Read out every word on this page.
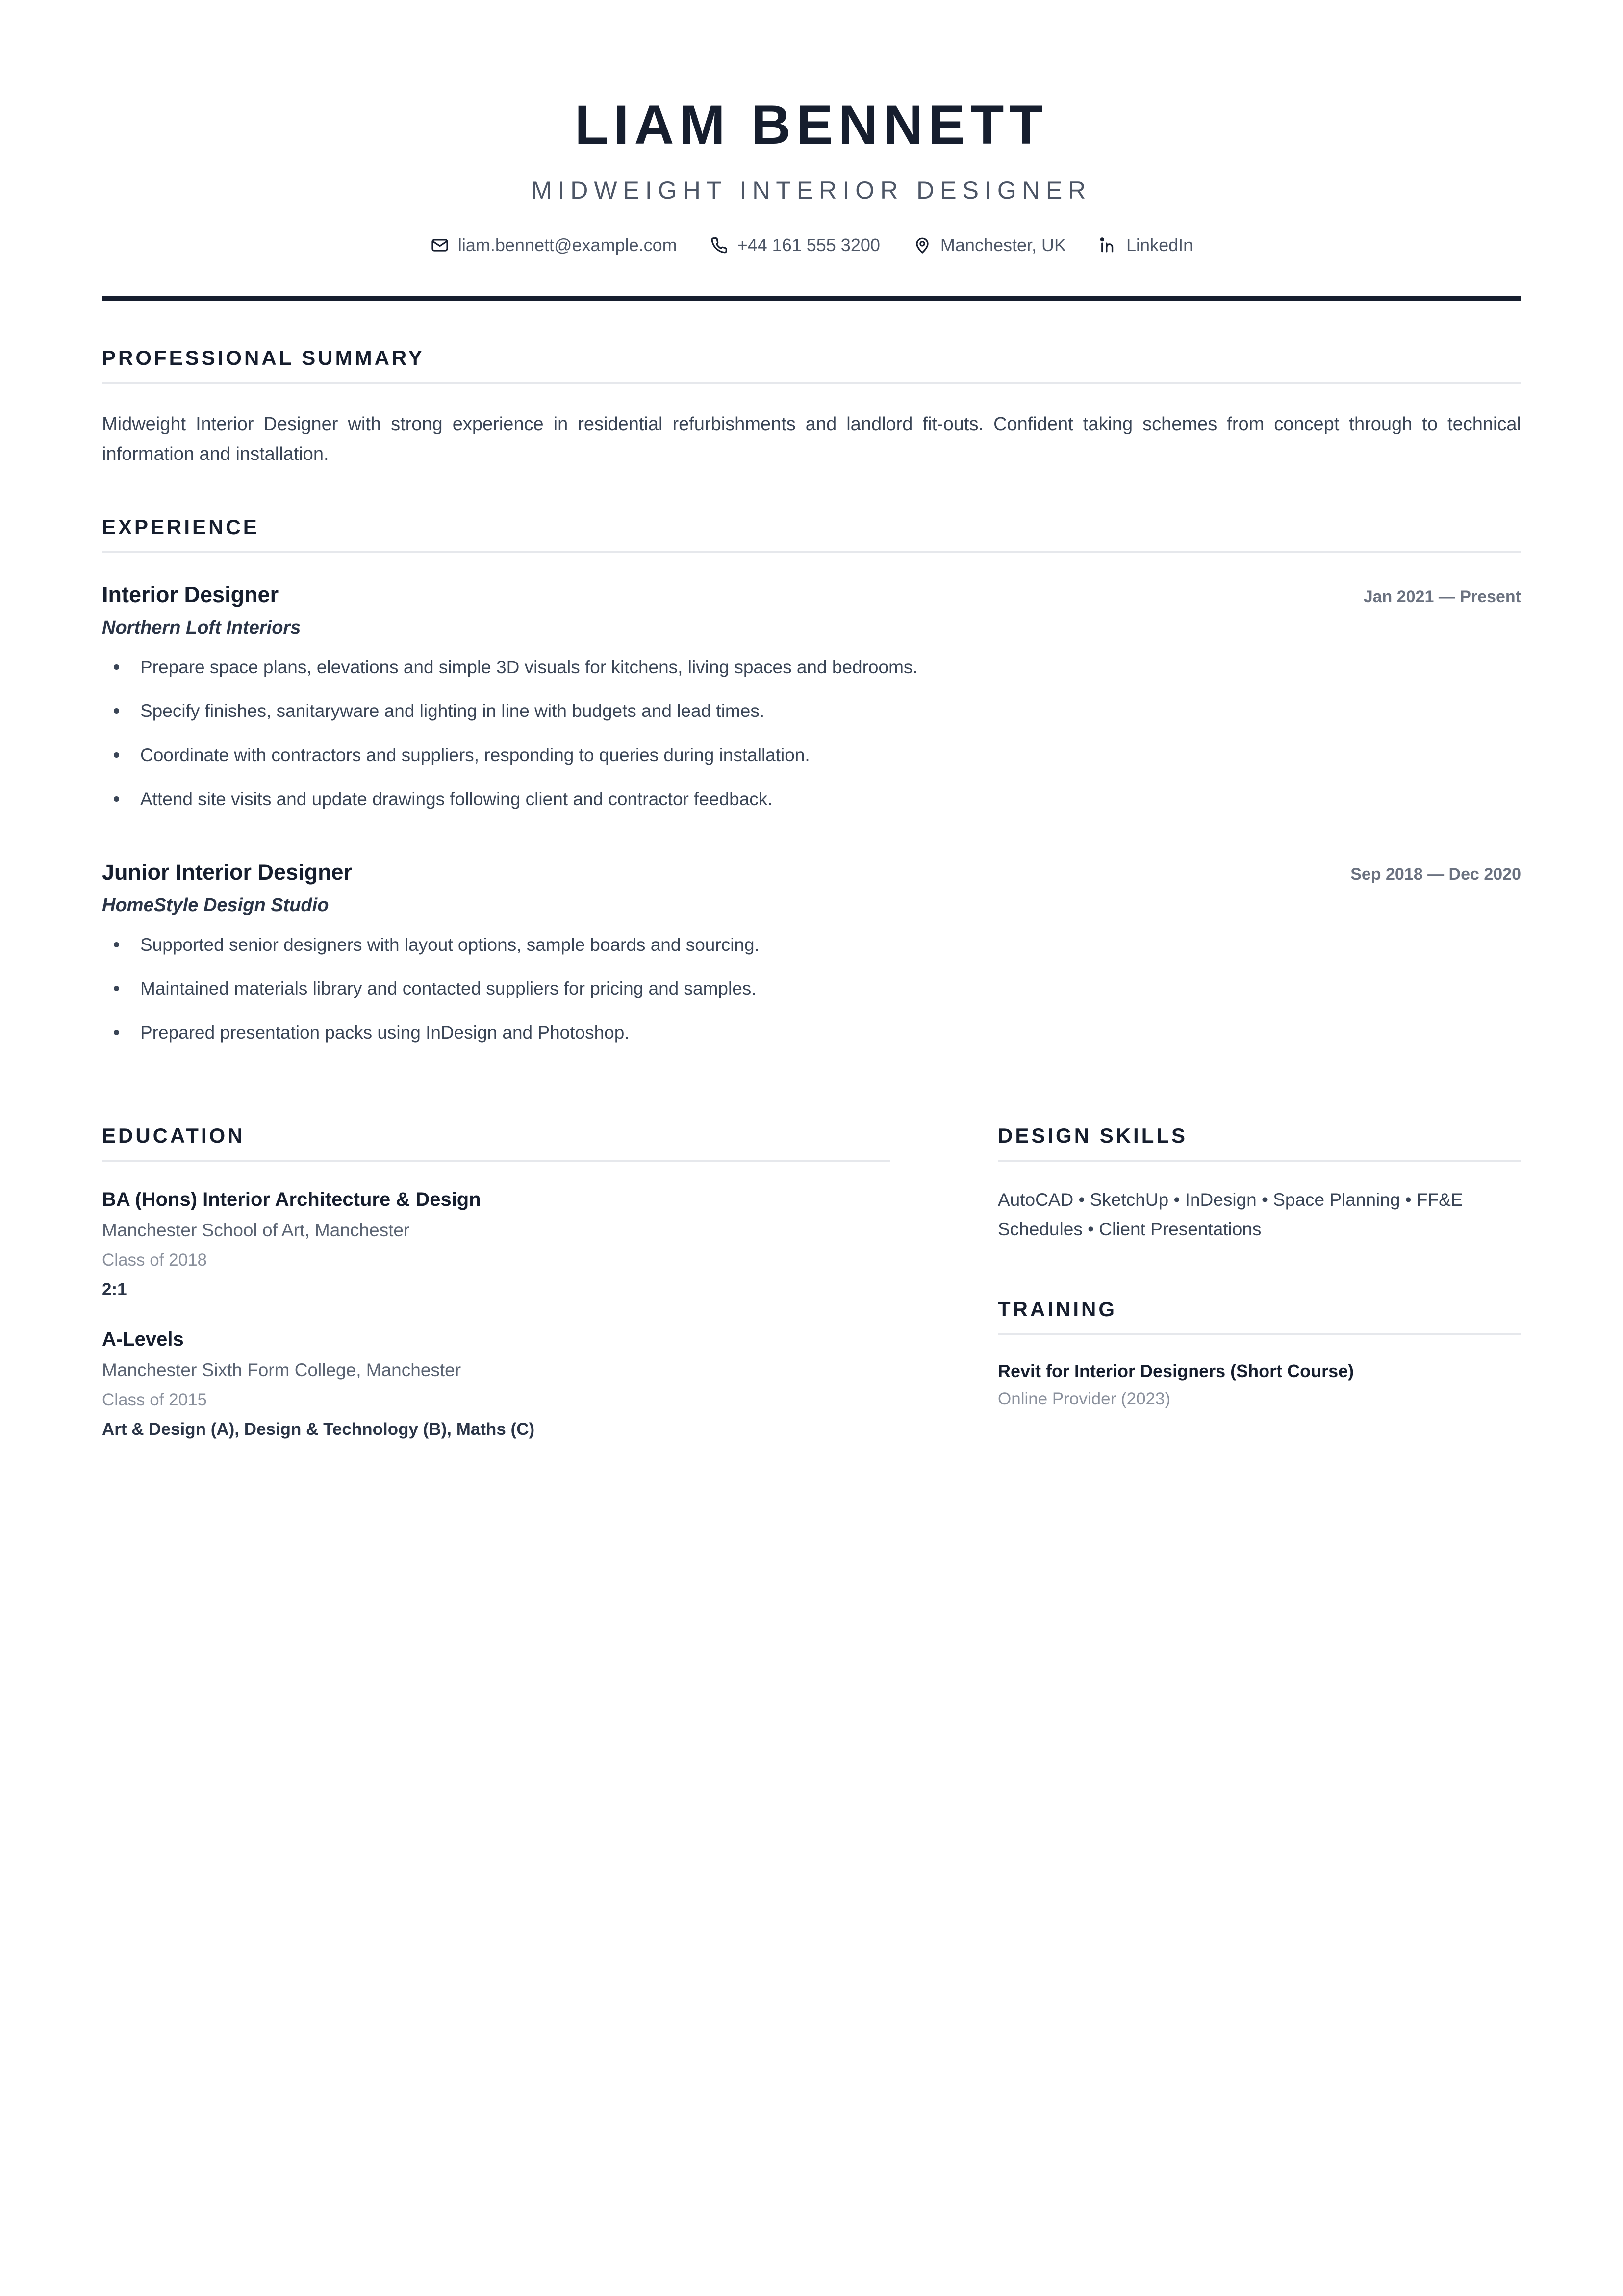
LIAM BENNETT
MIDWEIGHT INTERIOR DESIGNER
liam.bennett@example.com	+44 161 555 3200	Manchester, UK	LinkedIn
PROFESSIONAL SUMMARY

Midweight Interior Designer with strong experience in residential refurbishments and landlord fit-outs. Confident taking schemes from concept through to technical information and installation.

EXPERIENCE
Interior Designer	Jan 2021 — Present
Northern Loft Interiors
Prepare space plans, elevations and simple 3D visuals for kitchens, living spaces and bedrooms.
Specify finishes, sanitaryware and lighting in line with budgets and lead times.
Coordinate with contractors and suppliers, responding to queries during installation.
Attend site visits and update drawings following client and contractor feedback.
Junior Interior Designer	Sep 2018 — Dec 2020
HomeStyle Design Studio
Supported senior designers with layout options, sample boards and sourcing.
Maintained materials library and contacted suppliers for pricing and samples.
Prepared presentation packs using InDesign and Photoshop.
EDUCATION
BA (Hons) Interior Architecture & Design
Manchester School of Art, Manchester
Class of 2018
2:1
A-Levels
Manchester Sixth Form College, Manchester
Class of 2015
Art & Design (A), Design & Technology (B), Maths (C)
DESIGN SKILLS
AutoCAD • SketchUp • InDesign • Space Planning • FF&E Schedules • Client Presentations
TRAINING
Revit for Interior Designers (Short Course)
Online Provider (2023)
